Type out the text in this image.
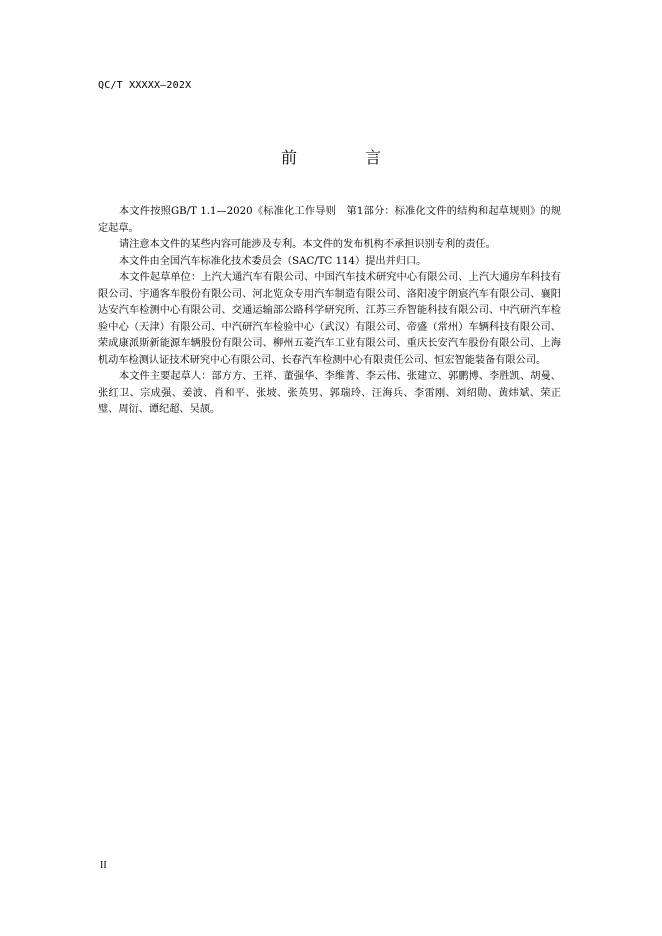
QC/T XXXXX—202X
前　言

本文件按照GB/T 1.1—2020《标准化工作导则　第1部分：标准化文件的结构和起草规则》的规定起草。

请注意本文件的某些内容可能涉及专利。本文件的发布机构不承担识别专利的责任。

本文件由全国汽车标准化技术委员会（SAC/TC 114）提出并归口。

本文件起草单位：上汽大通汽车有限公司、中国汽车技术研究中心有限公司、上汽大通房车科技有限公司、宇通客车股份有限公司、河北览众专用汽车制造有限公司、洛阳凌宇朗宸汽车有限公司、襄阳达安汽车检测中心有限公司、交通运输部公路科学研究所、江苏三乔智能科技有限公司、中汽研汽车检验中心（天津）有限公司、中汽研汽车检验中心（武汉）有限公司、帝盛（常州）车辆科技有限公司、荣成康派斯新能源车辆股份有限公司、柳州五菱汽车工业有限公司、重庆长安汽车股份有限公司、上海机动车检测认证技术研究中心有限公司、长春汽车检测中心有限责任公司、恒宏智能装备有限公司。

本文件主要起草人：部方方、王祥、董强华、李维菁、李云伟、张建立、郭鹏博、李胜凯、胡曼、张红卫、宗成强、姜波、肖和平、张坡、张英男、郭瑞玲、汪海兵、李雷刚、刘绍勋、黄炜斌、荣正璧、周衍、谭纪超、吴颉。

II
